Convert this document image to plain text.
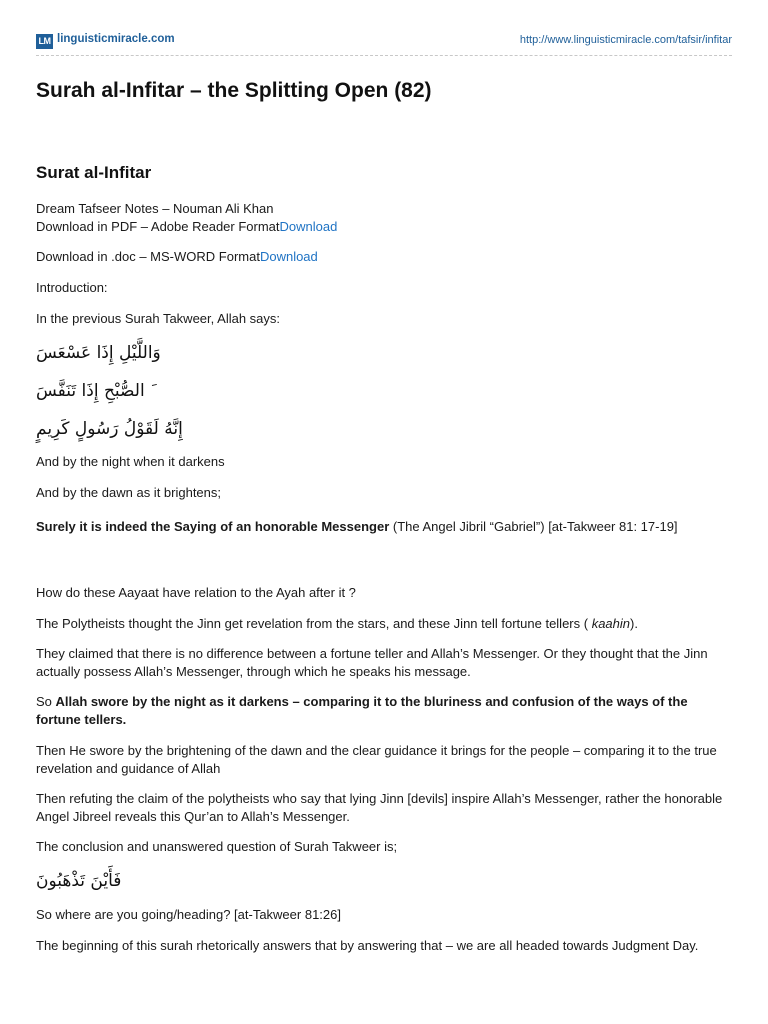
LM linguisticmiracle.com	http://www.linguisticmiracle.com/tafsir/infitar
Surah al-Infitar – the Splitting Open (82)
Surat al-Infitar

Dream Tafseer Notes – Nouman Ali Khan

Download in PDF – Adobe Reader FormatDownload

Download in .doc – MS-WORD FormatDownload

Introduction:

In the previous Surah Takweer, Allah says:

وَاللَّيْلِ إِذَا عَسْعَسَ

َ الصُّبْحِ إِذَا تَنَفَّسَ

إِنَّهُ لَقَوْلُ رَسُولٍ كَرِيمٍ

And by the night when it darkens

And by the dawn as it brightens;

Surely it is indeed the Saying of an honorable Messenger (The Angel Jibril “Gabriel”) [at-Takweer 81: 17-19]

How do these Aayaat have relation to the Ayah after it ?

The Polytheists thought the Jinn get revelation from the stars, and these Jinn tell fortune tellers ( kaahin).

They claimed that there is no difference between a fortune teller and Allah’s Messenger. Or they thought that the Jinn actually possess Allah’s Messenger, through which he speaks his message.

So Allah swore by the night as it darkens – comparing it to the bluriness and confusion of the ways of the fortune tellers.

Then He swore by the brightening of the dawn and the clear guidance it brings for the people – comparing it to the true revelation and guidance of Allah

Then refuting the claim of the polytheists who say that lying Jinn [devils] inspire Allah’s Messenger, rather the honorable Angel Jibreel reveals this Qur’an to Allah’s Messenger.

The conclusion and unanswered question of Surah Takweer is;

فَأَيْنَ تَذْهَبُونَ

So where are you going/heading? [at-Takweer 81:26]

The beginning of this surah rhetorically answers that by answering that – we are all headed towards Judgment Day.
